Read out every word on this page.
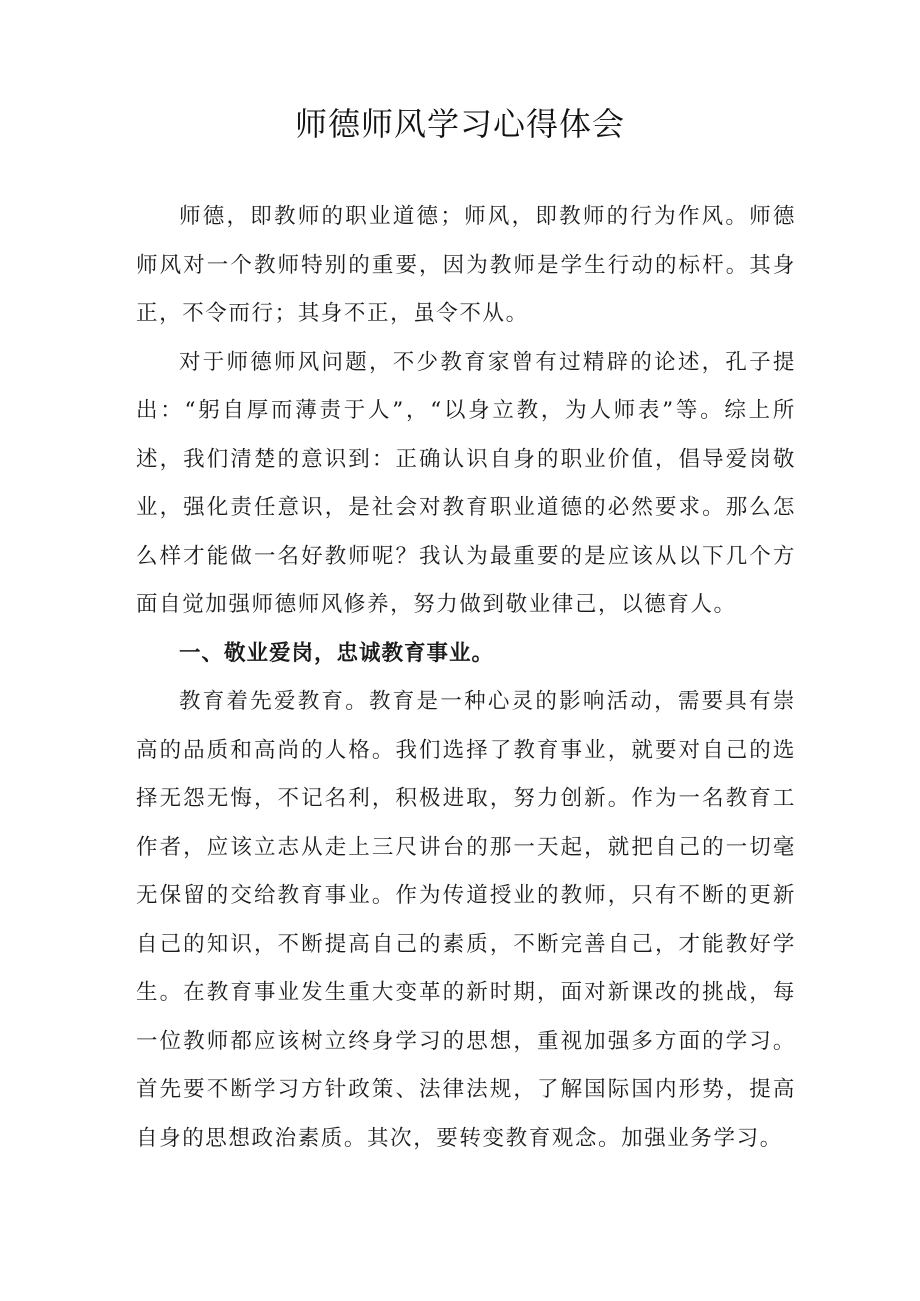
师德师风学习心得体会

师德，即教师的职业道德；师风，即教师的行为作风。师德师风对一个教师特别的重要，因为教师是学生行动的标杆。其身正，不令而行；其身不正，虽令不从。

对于师德师风问题，不少教育家曾有过精辟的论述，孔子提出：“躬自厚而薄责于人”，“以身立教，为人师表”等。综上所述，我们清楚的意识到：正确认识自身的职业价值，倡导爱岗敬业，强化责任意识，是社会对教育职业道德的必然要求。那么怎么样才能做一名好教师呢？我认为最重要的是应该从以下几个方面自觉加强师德师风修养，努力做到敬业律己，以德育人。

一、敬业爱岗，忠诚教育事业。

教育着先爱教育。教育是一种心灵的影响活动，需要具有崇高的品质和高尚的人格。我们选择了教育事业，就要对自己的选择无怨无悔，不记名利，积极进取，努力创新。作为一名教育工作者，应该立志从走上三尺讲台的那一天起，就把自己的一切毫无保留的交给教育事业。作为传道授业的教师，只有不断的更新自己的知识，不断提高自己的素质，不断完善自己，才能教好学生。在教育事业发生重大变革的新时期，面对新课改的挑战，每一位教师都应该树立终身学习的思想，重视加强多方面的学习。首先要不断学习方针政策、法律法规，了解国际国内形势，提高自身的思想政治素质。其次，要转变教育观念。加强业务学习。
